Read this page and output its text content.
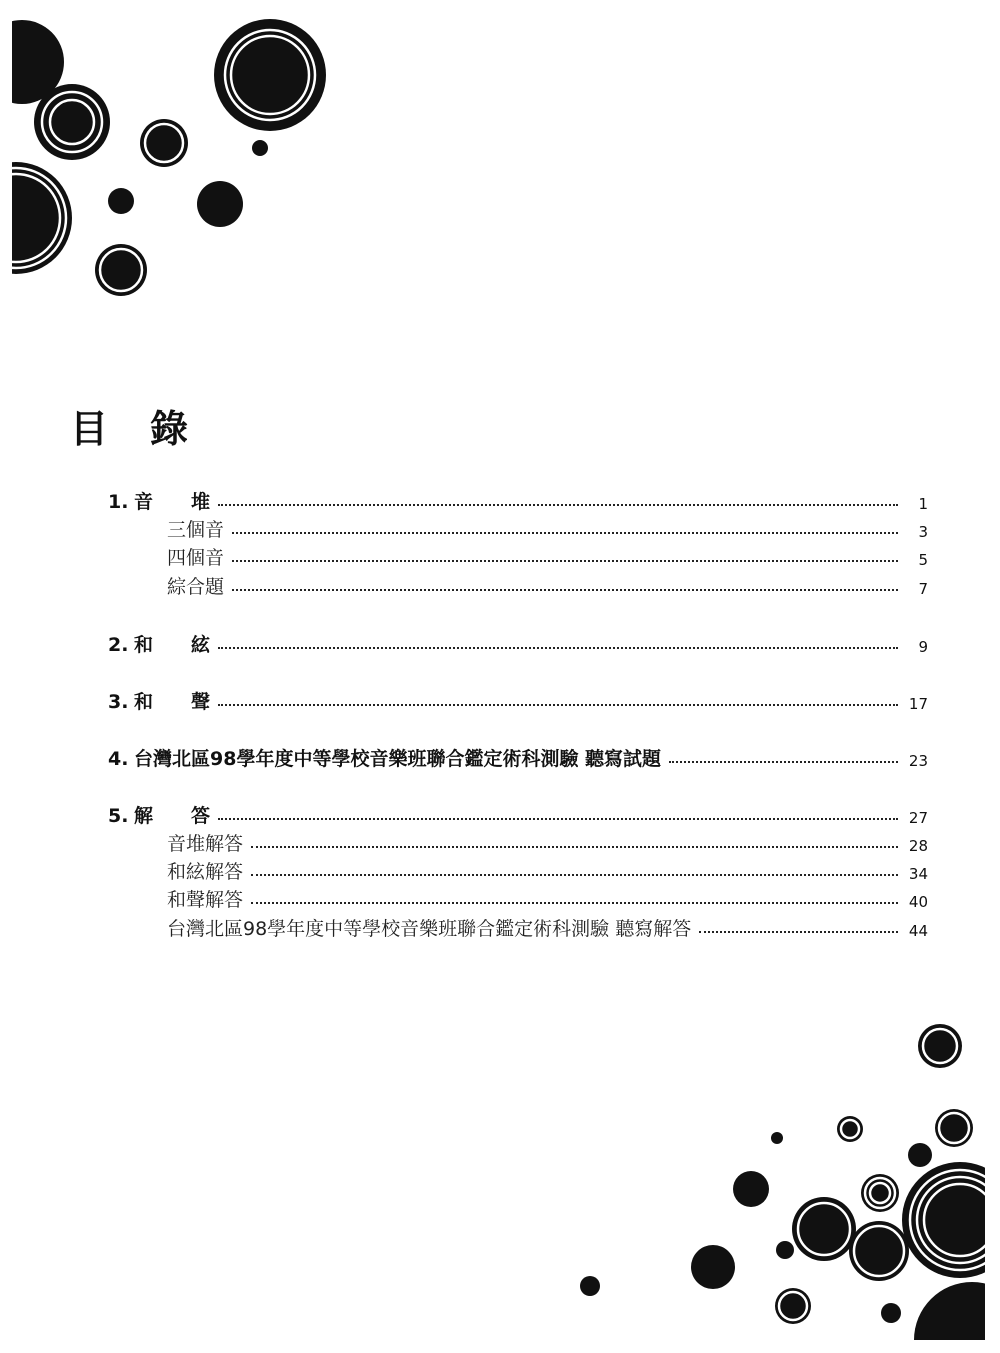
目　錄
1. 音　　堆	1
三個音	3
四個音	5
綜合題	7
2. 和　　絃	9
3. 和　　聲	17
4. 台灣北區98學年度中等學校音樂班聯合鑑定術科測驗 聽寫試題	23
5. 解　　答	27
音堆解答	28
和絃解答	34
和聲解答	40
台灣北區98學年度中等學校音樂班聯合鑑定術科測驗 聽寫解答	44
